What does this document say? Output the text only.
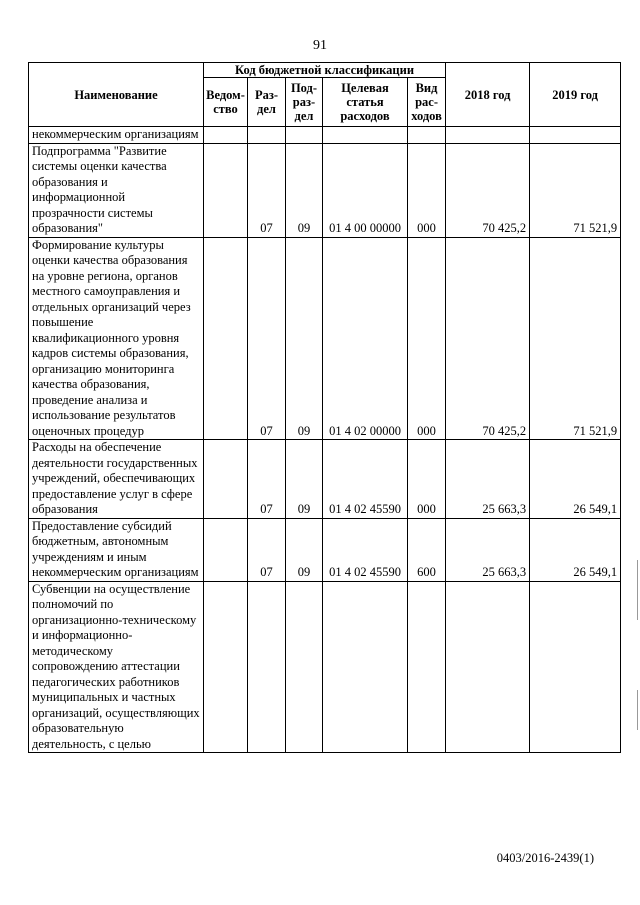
91
Наименование	Код бюджетной классификации					2018 год	2019 год
	Ведом-ство	Раз-дел	Под-раз-дел	Целевая статья расходов	Вид рас-ходов		
некоммерческим организациям							
Подпрограмма "Развитие системы оценки качества образования и информационной прозрачности системы образования"		07	09	01 4 00 00000	000	70 425,2	71 521,9
Формирование культуры оценки качества образования на уровне региона, органов местного самоуправления и отдельных организаций через повышение квалификационного уровня кадров системы образования, организацию мониторинга качества образования, проведение анализа и использование результатов оценочных процедур		07	09	01 4 02 00000	000	70 425,2	71 521,9
Расходы на обеспечение деятельности государственных учреждений, обеспечивающих предоставление услуг в сфере образования		07	09	01 4 02 45590	000	25 663,3	26 549,1
Предоставление субсидий бюджетным, автономным учреждениям и иным некоммерческим организациям		07	09	01 4 02 45590	600	25 663,3	26 549,1
Субвенции на осуществление полномочий по организационно-техническому и информационно-методическому сопровождению аттестации педагогических работников муниципальных и частных организаций, осуществляющих образовательную деятельность, с целью							
0403/2016-2439(1)
